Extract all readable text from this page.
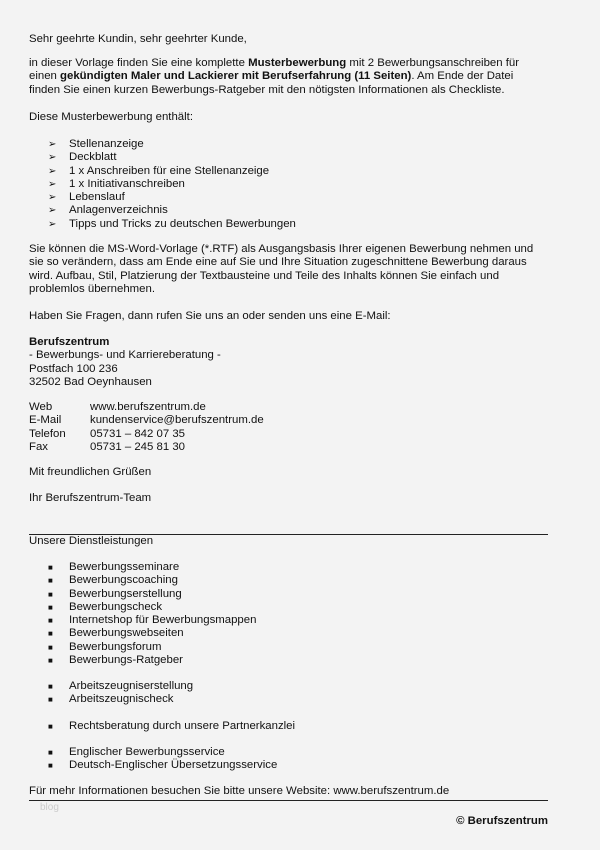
Sehr geehrte Kundin, sehr geehrter Kunde,
in dieser Vorlage finden Sie eine komplette Musterbewerbung mit 2 Bewerbungsanschreiben für
einen gekündigten Maler und Lackierer mit Berufserfahrung (11 Seiten). Am Ende der Datei
finden Sie einen kurzen Bewerbungs-Ratgeber mit den nötigsten Informationen als Checkliste.
Diese Musterbewerbung enthält:
➢ Stellenanzeige
➢ Deckblatt
➢ 1 x Anschreiben für eine Stellenanzeige
➢ 1 x Initiativanschreiben
➢ Lebenslauf
➢ Anlagenverzeichnis
➢ Tipps und Tricks zu deutschen Bewerbungen
Sie können die MS-Word-Vorlage (*.RTF) als Ausgangsbasis Ihrer eigenen Bewerbung nehmen und
sie so verändern, dass am Ende eine auf Sie und Ihre Situation zugeschnittene Bewerbung daraus
wird. Aufbau, Stil, Platzierung der Textbausteine und Teile des Inhalts können Sie einfach und
problemlos übernehmen.
Haben Sie Fragen, dann rufen Sie uns an oder senden uns eine E-Mail:
Berufszentrum
- Bewerbungs- und Karriereberatung -
Postfach 100 236
32502 Bad Oeynhausen
Web	www.berufszentrum.de
E-Mail	kundenservice@berufszentrum.de
Telefon 05731 – 842 07 35
Fax	05731 – 245 81 30
Mit freundlichen Grüßen
Ihr Berufszentrum-Team
Unsere Dienstleistungen
■ Bewerbungsseminare
■ Bewerbungscoaching
■ Bewerbungserstellung
■ Bewerbungscheck
■ Internetshop für Bewerbungsmappen
■ Bewerbungswebseiten
■ Bewerbungsforum
■ Bewerbungs-Ratgeber
■ Arbeitszeugniserstellung
■ Arbeitszeugnischeck
■ Rechtsberatung durch unsere Partnerkanzlei
■ Englischer Bewerbungsservice
■ Deutsch-Englischer Übersetzungsservice
Für mehr Informationen besuchen Sie bitte unsere Website: www.berufszentrum.de
blog
© Berufszentrum
